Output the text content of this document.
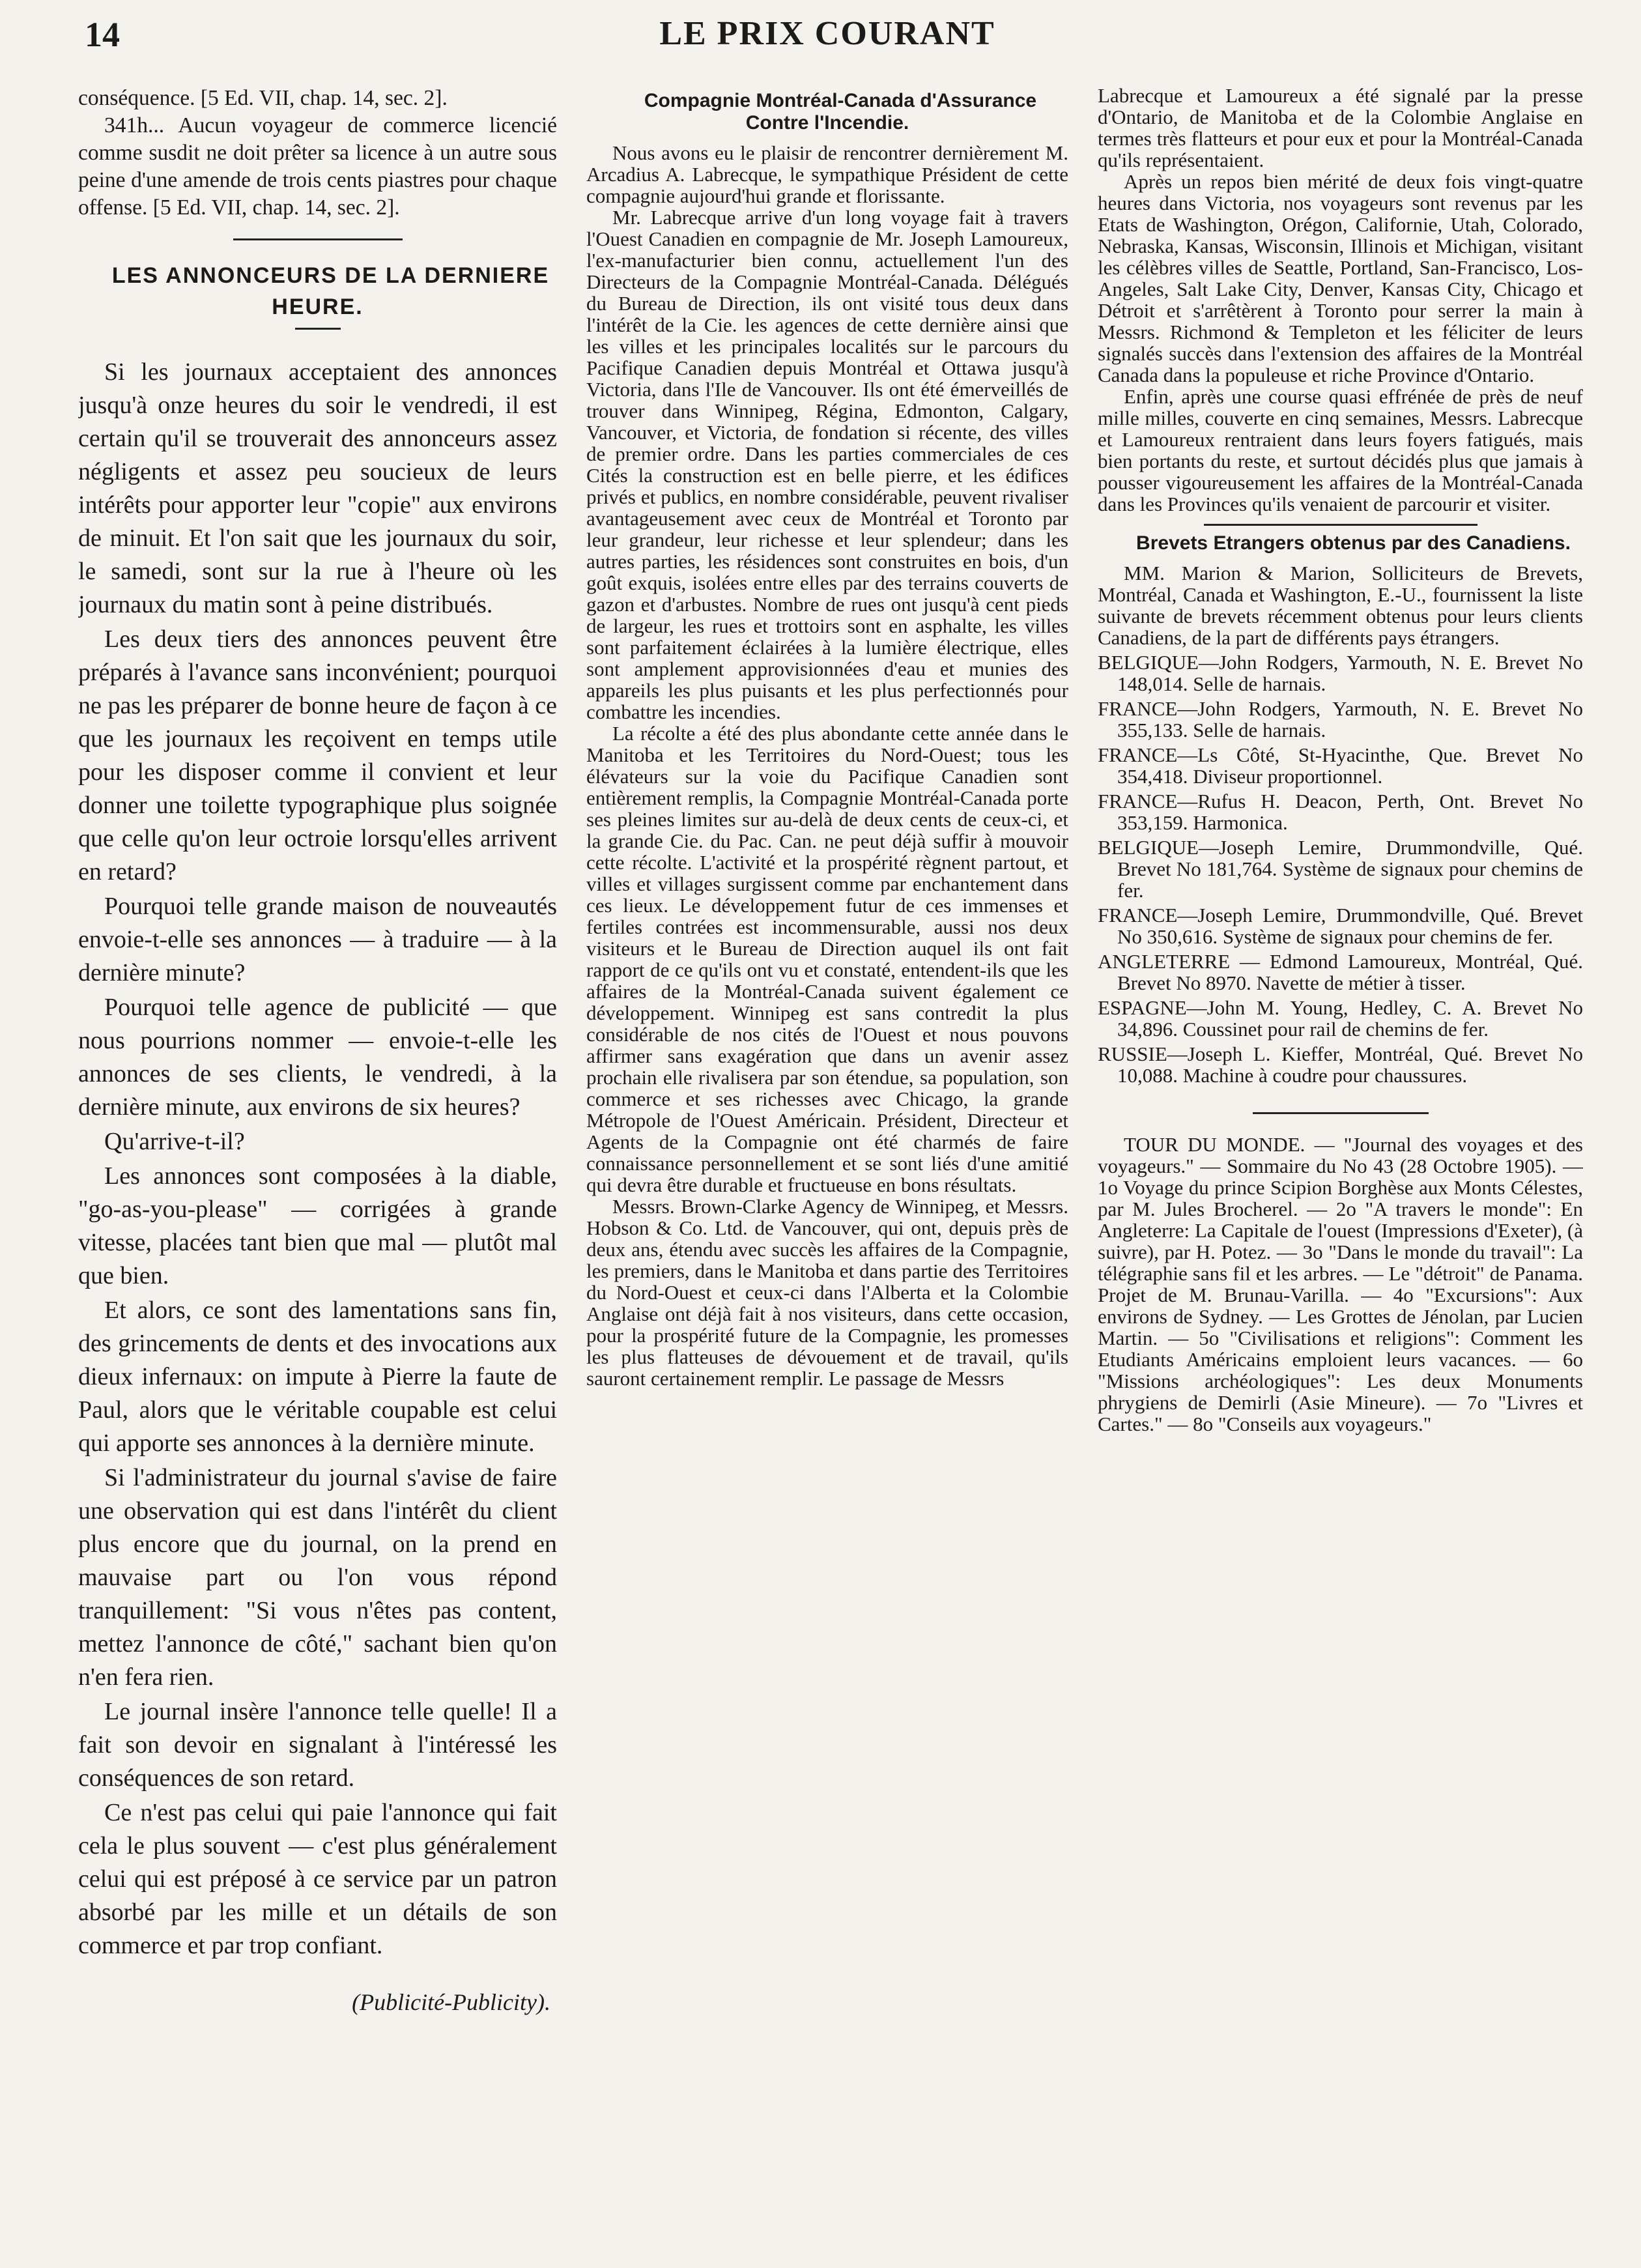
14	LE PRIX COURANT

conséquence. [5 Ed. VII, chap. 14, sec. 2].

341h... Aucun voyageur de commerce licencié comme susdit ne doit prêter sa licence à un autre sous peine d'une amende de trois cents piastres pour chaque offense. [5 Ed. VII, chap. 14, sec. 2].

LES ANNONCEURS DE LA DERNIERE HEURE.

Si les journaux acceptaient des annonces jusqu'à onze heures du soir le vendredi, il est certain qu'il se trouverait des annonceurs assez négligents et assez peu soucieux de leurs intérêts pour apporter leur "copie" aux environs de minuit. Et l'on sait que les journaux du soir, le samedi, sont sur la rue à l'heure où les journaux du matin sont à peine distribués.

Les deux tiers des annonces peuvent être préparés à l'avance sans inconvénient; pourquoi ne pas les préparer de bonne heure de façon à ce que les journaux les reçoivent en temps utile pour les disposer comme il convient et leur donner une toilette typographique plus soignée que celle qu'on leur octroie lorsqu'elles arrivent en retard?

Pourquoi telle grande maison de nouveautés envoie-t-elle ses annonces — à traduire — à la dernière minute?

Pourquoi telle agence de publicité — que nous pourrions nommer — envoie-t-elle les annonces de ses clients, le vendredi, à la dernière minute, aux environs de six heures?

Qu'arrive-t-il?

Les annonces sont composées à la diable, "go-as-you-please" — corrigées à grande vitesse, placées tant bien que mal — plutôt mal que bien.

Et alors, ce sont des lamentations sans fin, des grincements de dents et des invocations aux dieux infernaux: on impute à Pierre la faute de Paul, alors que le véritable coupable est celui qui apporte ses annonces à la dernière minute.

Si l'administrateur du journal s'avise de faire une observation qui est dans l'intérêt du client plus encore que du journal, on la prend en mauvaise part ou l'on vous répond tranquillement: "Si vous n'êtes pas content, mettez l'annonce de côté," sachant bien qu'on n'en fera rien.

Le journal insère l'annonce telle quelle! Il a fait son devoir en signalant à l'intéressé les conséquences de son retard.

Ce n'est pas celui qui paie l'annonce qui fait cela le plus souvent — c'est plus généralement celui qui est préposé à ce service par un patron absorbé par les mille et un détails de son commerce et par trop confiant.

(Publicité-Publicity).

Compagnie Montréal-Canada d'Assurance Contre l'Incendie.

Nous avons eu le plaisir de rencontrer dernièrement M. Arcadius A. Labrecque, le sympathique Président de cette compagnie aujourd'hui grande et florissante.

Mr. Labrecque arrive d'un long voyage fait à travers l'Ouest Canadien en compagnie de Mr. Joseph Lamoureux, l'ex-manufacturier bien connu, actuellement l'un des Directeurs de la Compagnie Montréal-Canada. Délégués du Bureau de Direction, ils ont visité tous deux dans l'intérêt de la Cie. les agences de cette dernière ainsi que les villes et les principales localités sur le parcours du Pacifique Canadien depuis Montréal et Ottawa jusqu'à Victoria, dans l'Ile de Vancouver. Ils ont été émerveillés de trouver dans Winnipeg, Régina, Edmonton, Calgary, Vancouver, et Victoria, de fondation si récente, des villes de premier ordre. Dans les parties commerciales de ces Cités la construction est en belle pierre, et les édifices privés et publics, en nombre considérable, peuvent rivaliser avantageusement avec ceux de Montréal et Toronto par leur grandeur, leur richesse et leur splendeur; dans les autres parties, les résidences sont construites en bois, d'un goût exquis, isolées entre elles par des terrains couverts de gazon et d'arbustes. Nombre de rues ont jusqu'à cent pieds de largeur, les rues et trottoirs sont en asphalte, les villes sont parfaitement éclairées à la lumière électrique, elles sont amplement approvisionnées d'eau et munies des appareils les plus puisants et les plus perfectionnés pour combattre les incendies.

La récolte a été des plus abondante cette année dans le Manitoba et les Territoires du Nord-Ouest; tous les élévateurs sur la voie du Pacifique Canadien sont entièrement remplis, la Compagnie Montréal-Canada porte ses pleines limites sur au-delà de deux cents de ceux-ci, et la grande Cie. du Pac. Can. ne peut déjà suffir à mouvoir cette récolte. L'activité et la prospérité règnent partout, et villes et villages surgissent comme par enchantement dans ces lieux. Le développement futur de ces immenses et fertiles contrées est incommensurable, aussi nos deux visiteurs et le Bureau de Direction auquel ils ont fait rapport de ce qu'ils ont vu et constaté, entendent-ils que les affaires de la Montréal-Canada suivent également ce développement. Winnipeg est sans contredit la plus considérable de nos cités de l'Ouest et nous pouvons affirmer sans exagération que dans un avenir assez prochain elle rivalisera par son étendue, sa population, son commerce et ses richesses avec Chicago, la grande Métropole de l'Ouest Américain. Président, Directeur et Agents de la Compagnie ont été charmés de faire connaissance personnellement et se sont liés d'une amitié qui devra être durable et fructueuse en bons résultats.

Messrs. Brown-Clarke Agency de Winnipeg, et Messrs. Hobson & Co. Ltd. de Vancouver, qui ont, depuis près de deux ans, étendu avec succès les affaires de la Compagnie, les premiers, dans le Manitoba et dans partie des Territoires du Nord-Ouest et ceux-ci dans l'Alberta et la Colombie Anglaise ont déjà fait à nos visiteurs, dans cette occasion, pour la prospérité future de la Compagnie, les promesses les plus flatteuses de dévouement et de travail, qu'ils sauront certainement remplir. Le passage de Messrs

Labrecque et Lamoureux a été signalé par la presse d'Ontario, de Manitoba et de la Colombie Anglaise en termes très flatteurs et pour eux et pour la Montréal-Canada qu'ils représentaient.

Après un repos bien mérité de deux fois vingt-quatre heures dans Victoria, nos voyageurs sont revenus par les Etats de Washington, Orégon, Californie, Utah, Colorado, Nebraska, Kansas, Wisconsin, Illinois et Michigan, visitant les célèbres villes de Seattle, Portland, San-Francisco, Los-Angeles, Salt Lake City, Denver, Kansas City, Chicago et Détroit et s'arrêtèrent à Toronto pour serrer la main à Messrs. Richmond & Templeton et les féliciter de leurs signalés succès dans l'extension des affaires de la Montréal Canada dans la populeuse et riche Province d'Ontario.

Enfin, après une course quasi effrénée de près de neuf mille milles, couverte en cinq semaines, Messrs. Labrecque et Lamoureux rentraient dans leurs foyers fatigués, mais bien portants du reste, et surtout décidés plus que jamais à pousser vigoureusement les affaires de la Montréal-Canada dans les Provinces qu'ils venaient de parcourir et visiter.

Brevets Etrangers obtenus par des Canadiens.

MM. Marion & Marion, Solliciteurs de Brevets, Montréal, Canada et Washington, E.-U., fournissent la liste suivante de brevets récemment obtenus pour leurs clients Canadiens, de la part de différents pays étrangers.

BELGIQUE—John Rodgers, Yarmouth, N. E. Brevet No 148,014. Selle de harnais.

FRANCE—John Rodgers, Yarmouth, N. E. Brevet No 355,133. Selle de harnais.

FRANCE—Ls Côté, St-Hyacinthe, Que. Brevet No 354,418. Diviseur proportionnel.

FRANCE—Rufus H. Deacon, Perth, Ont. Brevet No 353,159. Harmonica.

BELGIQUE—Joseph Lemire, Drummondville, Qué. Brevet No 181,764. Système de signaux pour chemins de fer.

FRANCE—Joseph Lemire, Drummondville, Qué. Brevet No 350,616. Système de signaux pour chemins de fer.

ANGLETERRE — Edmond Lamoureux, Montréal, Qué. Brevet No 8970. Navette de métier à tisser.

ESPAGNE—John M. Young, Hedley, C. A. Brevet No 34,896. Coussinet pour rail de chemins de fer.

RUSSIE—Joseph L. Kieffer, Montréal, Qué. Brevet No 10,088. Machine à coudre pour chaussures.

TOUR DU MONDE. — "Journal des voyages et des voyageurs." — Sommaire du No 43 (28 Octobre 1905). — 1o Voyage du prince Scipion Borghèse aux Monts Célestes, par M. Jules Brocherel. — 2o "A travers le monde": En Angleterre: La Capitale de l'ouest (Impressions d'Exeter), (à suivre), par H. Potez. — 3o "Dans le monde du travail": La télégraphie sans fil et les arbres. — Le "détroit" de Panama. Projet de M. Brunau-Varilla. — 4o "Excursions": Aux environs de Sydney. — Les Grottes de Jénolan, par Lucien Martin. — 5o "Civilisations et religions": Comment les Etudiants Américains emploient leurs vacances. — 6o "Missions archéologiques": Les deux Monuments phrygiens de Demirli (Asie Mineure). — 7o "Livres et Cartes." — 8o "Conseils aux voyageurs."
